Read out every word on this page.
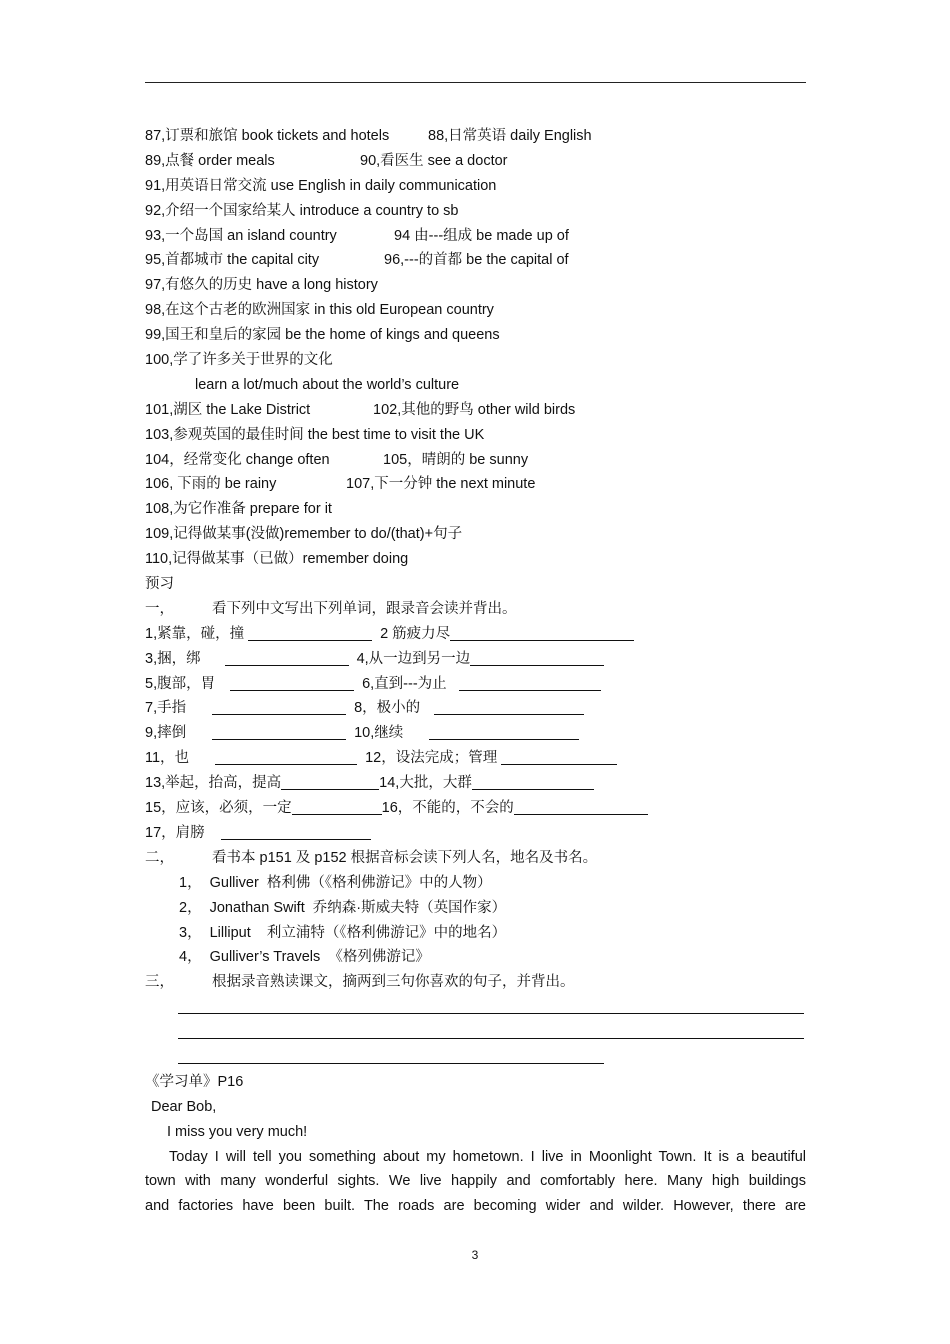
87,订票和旅馆 book tickets and hotels	88,日常英语 daily English
89,点餐 order meals	90,看医生 see a doctor
91,用英语日常交流 use English in daily communication
92,介绍一个国家给某人 introduce a country to sb
93,一个岛国 an island country	94 由---组成 be made up of
95,首都城市 the capital city	96,---的首都 be the capital of
97,有悠久的历史 have a long history
98,在这个古老的欧洲国家 in this old European country
99,国王和皇后的家园 be the home of kings and queens
100,学了许多关于世界的文化
learn a lot/much about the world’s culture
101,湖区 the Lake District	102,其他的野鸟 other wild birds
103,参观英国的最佳时间 the best time to visit the UK
104，经常变化 change often	105，晴朗的 be sunny
106, 下雨的 be rainy	107,下一分钟 the next minute
108,为它作准备 prepare for it
109,记得做某事(没做)remember to do/(that)+句子
110,记得做某事（已做）remember doing
预习
一，	看下列中文写出下列单词，跟录音会读并背出。
1,紧靠，碰，撞	2 筋疲力尽
3,捆，绑	4,从一边到另一边
5,腹部，胃	6,直到---为止
7,手指	8，极小的
9,摔倒	10,继续
11，也	12，设法完成；管理
13,举起，抬高，提高	14,大批，大群
15，应该，必须，一定	16，不能的，不会的
17，肩膀
二，	看书本 p151 及 p152 根据音标会读下列人名，地名及书名。
1，  Gulliver  格利佛（《格利佛游记》中的人物）
2，  Jonathan Swift  乔纳森·斯威夫特（英国作家）
3，  Lilliput    利立浦特（《格利佛游记》中的地名）
4，  Gulliver’s Travels  《格列佛游记》
三，	根据录音熟读课文，摘两到三句你喜欢的句子，并背出。
《学习单》P16
Dear Bob,
I miss you very much!
Today I will tell you something about my hometown. I live in Moonlight Town. It is a beautiful
town with many wonderful sights. We live happily and comfortably here. Many high buildings
and factories have been built. The roads are becoming wider and wilder. However, there are
3
